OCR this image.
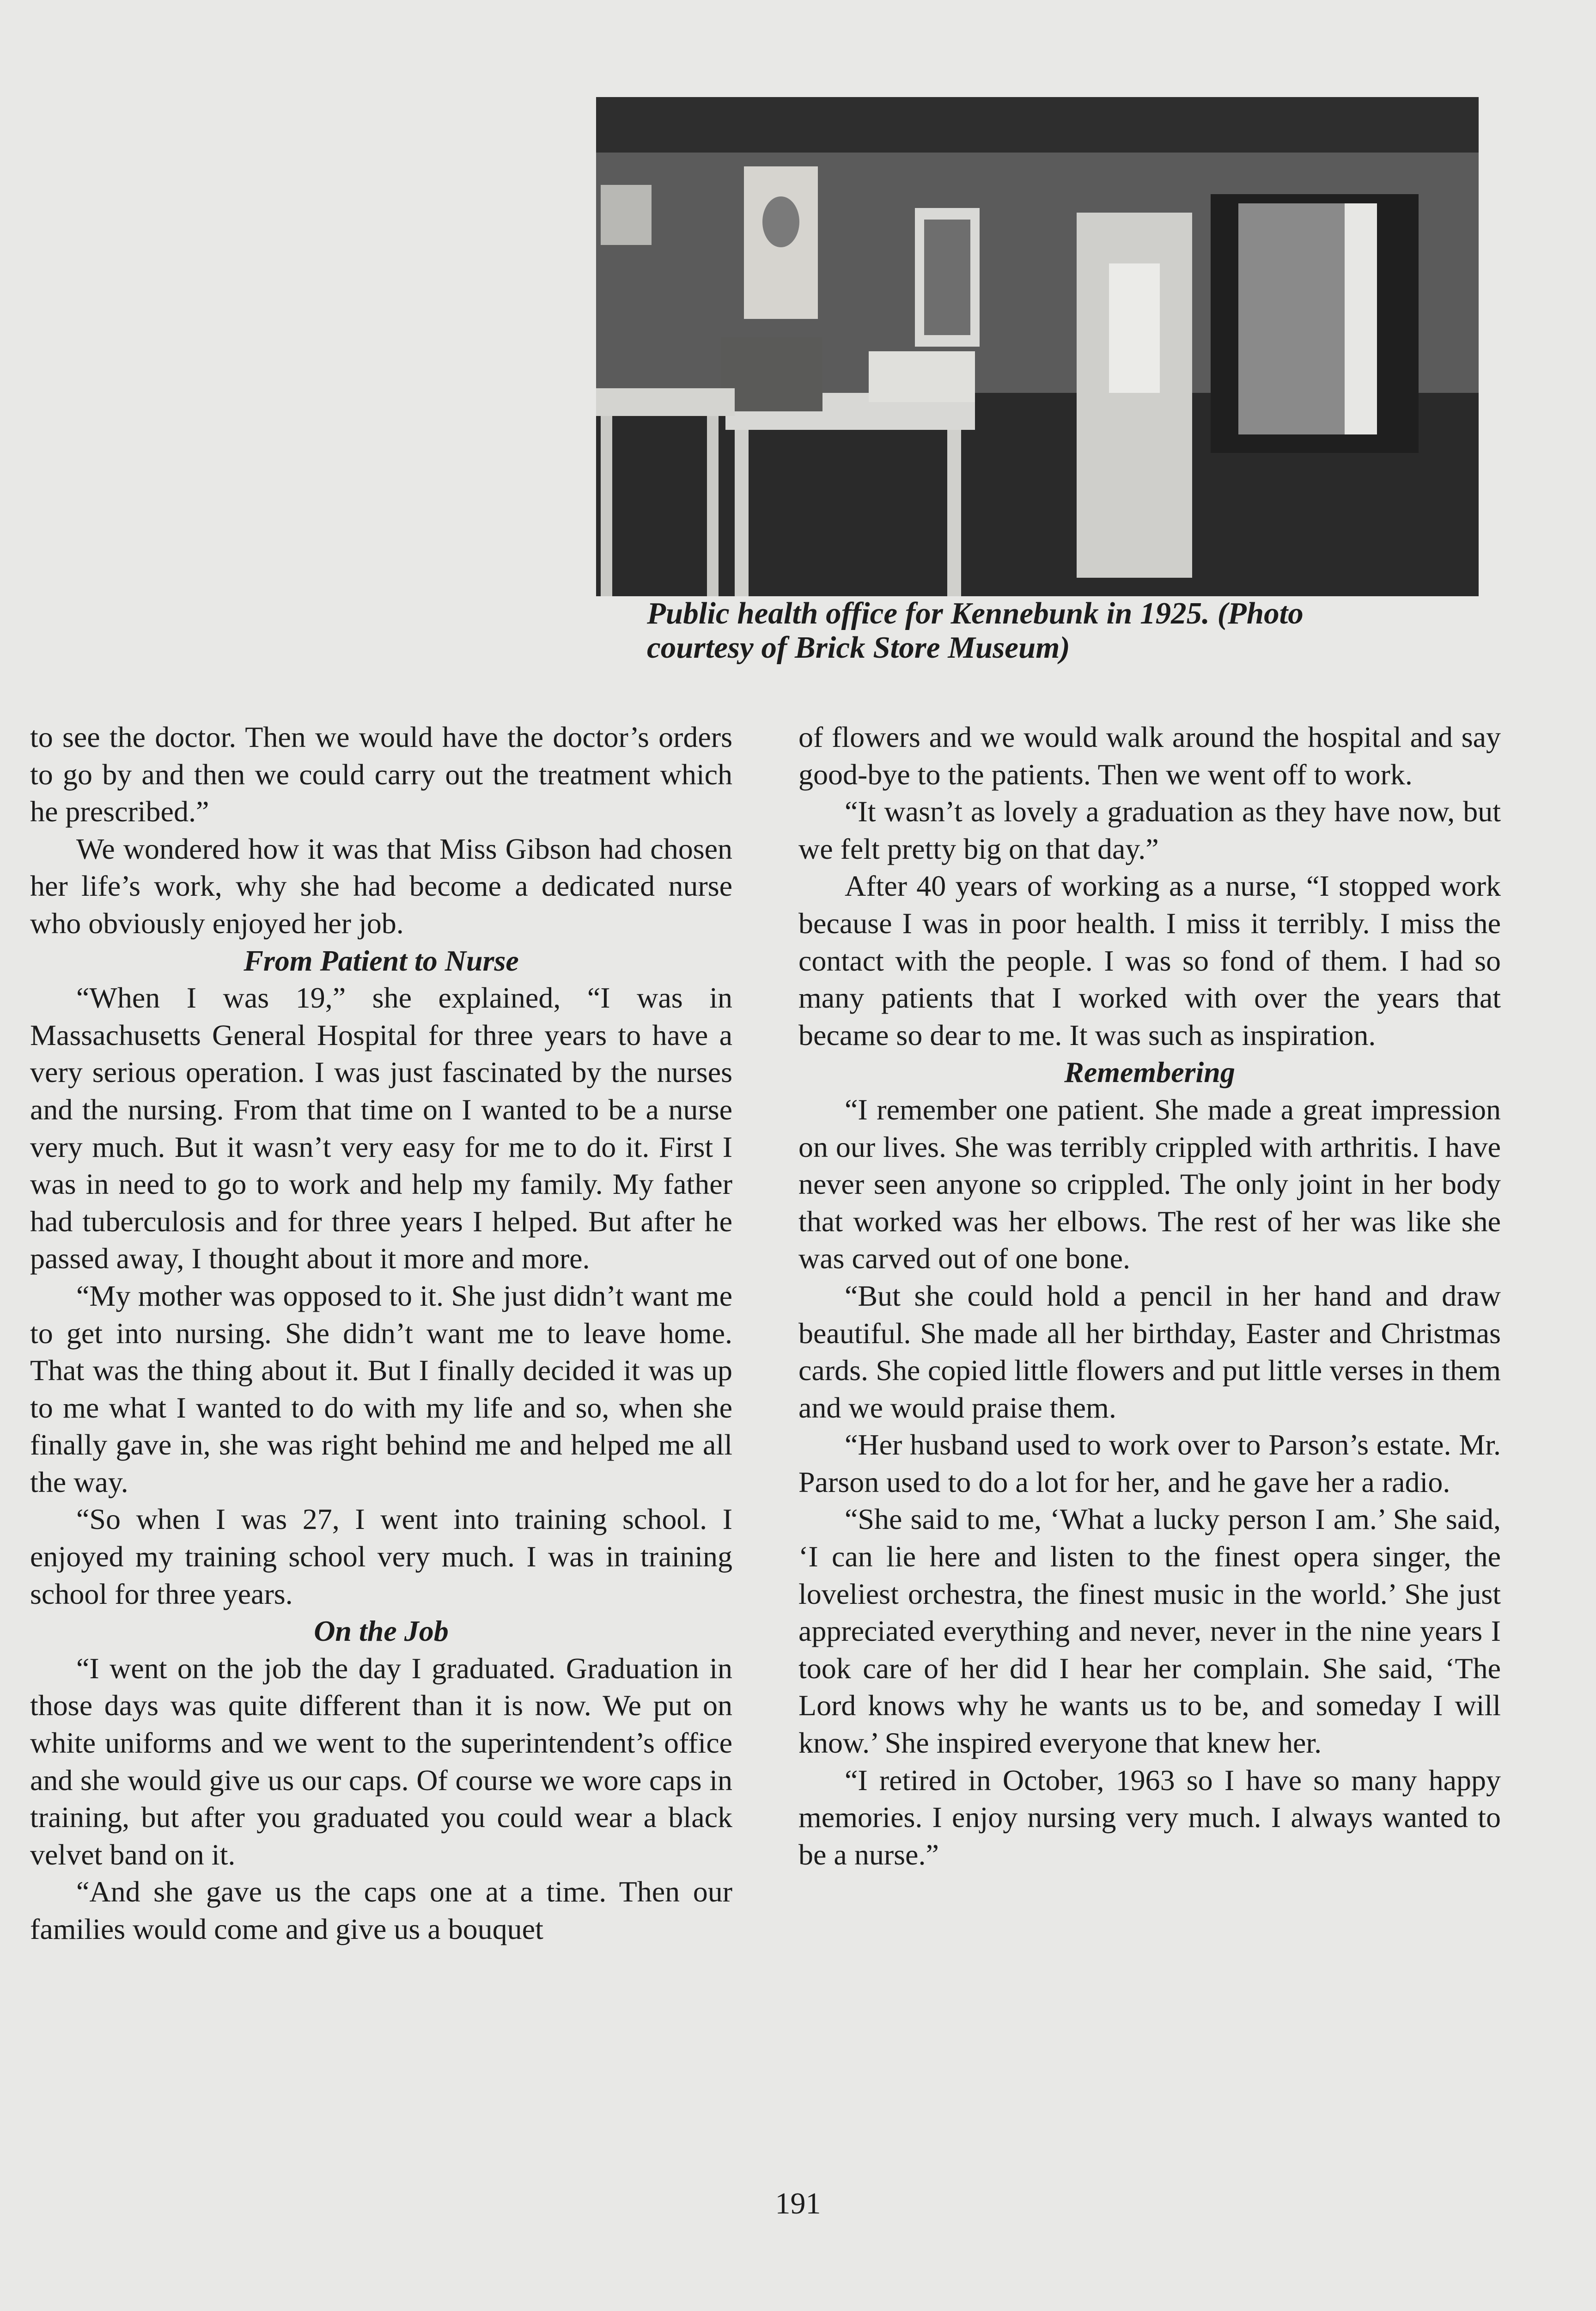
Public health office for Kennebunk in 1925. (Photo

courtesy of Brick Store Museum)

to see the doctor. Then we would have the doctor’s orders to go by and then we could carry out the treatment which he prescribed.”

We wondered how it was that Miss Gibson had chosen her life’s work, why she had become a dedicated nurse who obviously enjoyed her job.

From Patient to Nurse

“When I was 19,” she explained, “I was in Massachusetts General Hospital for three years to have a very serious operation. I was just fascinated by the nurses and the nursing. From that time on I wanted to be a nurse very much. But it wasn’t very easy for me to do it. First I was in need to go to work and help my family. My father had tuberculosis and for three years I helped. But after he passed away, I thought about it more and more.

“My mother was opposed to it. She just didn’t want me to get into nursing. She didn’t want me to leave home. That was the thing about it. But I finally decided it was up to me what I wanted to do with my life and so, when she finally gave in, she was right behind me and helped me all the way.

“So when I was 27, I went into training school. I enjoyed my training school very much. I was in training school for three years.

On the Job

“I went on the job the day I graduated. Graduation in those days was quite different than it is now. We put on white uniforms and we went to the superintendent’s office and she would give us our caps. Of course we wore caps in training, but after you graduated you could wear a black velvet band on it.

“And she gave us the caps one at a time. Then our families would come and give us a bouquet

of flowers and we would walk around the hospital and say good-bye to the patients. Then we went off to work.

“It wasn’t as lovely a graduation as they have now, but we felt pretty big on that day.”

After 40 years of working as a nurse, “I stopped work because I was in poor health. I miss it terribly. I miss the contact with the people. I was so fond of them. I had so many patients that I worked with over the years that became so dear to me. It was such as inspiration.

Remembering

“I remember one patient. She made a great impression on our lives. She was terribly crippled with arthritis. I have never seen anyone so crippled. The only joint in her body that worked was her elbows. The rest of her was like she was carved out of one bone.

“But she could hold a pencil in her hand and draw beautiful. She made all her birthday, Easter and Christmas cards. She copied little flowers and put little verses in them and we would praise them.

“Her husband used to work over to Parson’s estate. Mr. Parson used to do a lot for her, and he gave her a radio.

“She said to me, ‘What a lucky person I am.’ She said, ‘I can lie here and listen to the finest opera singer, the loveliest orchestra, the finest music in the world.’ She just appreciated everything and never, never in the nine years I took care of her did I hear her complain. She said, ‘The Lord knows why he wants us to be, and someday I will know.’ She inspired everyone that knew her.

“I retired in October, 1963 so I have so many happy memories. I enjoy nursing very much. I always wanted to be a nurse.”

191
